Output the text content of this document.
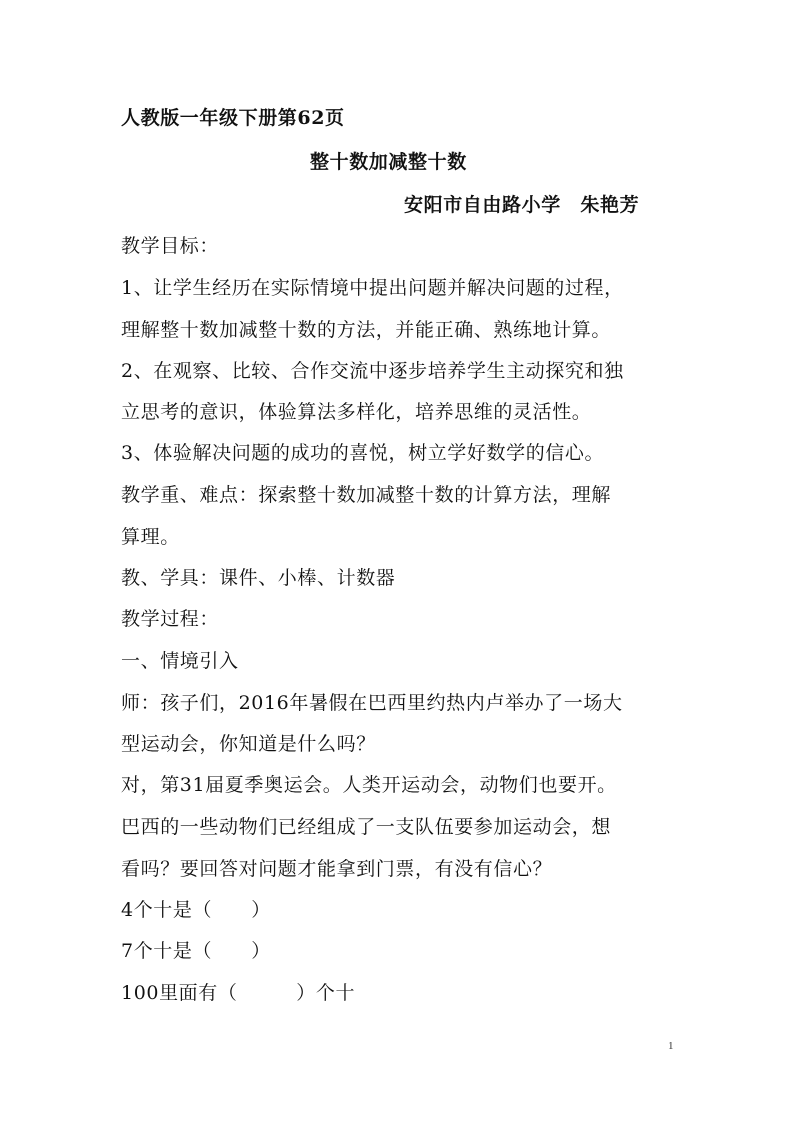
人教版一年级下册第62页
整十数加减整十数
安阳市自由路小学　朱艳芳
教学目标：
1、让学生经历在实际情境中提出问题并解决问题的过程，
理解整十数加减整十数的方法，并能正确、熟练地计算。
2、在观察、比较、合作交流中逐步培养学生主动探究和独
立思考的意识，体验算法多样化，培养思维的灵活性。
3、体验解决问题的成功的喜悦，树立学好数学的信心。
教学重、难点：探索整十数加减整十数的计算方法，理解
算理。
教、学具：课件、小棒、计数器
教学过程：
一、情境引入
师：孩子们，2016年暑假在巴西里约热内卢举办了一场大
型运动会，你知道是什么吗？
对，第31届夏季奥运会。人类开运动会，动物们也要开。
巴西的一些动物们已经组成了一支队伍要参加运动会，想
看吗？要回答对问题才能拿到门票，有没有信心？
4个十是（　　）
7个十是（　　）
100里面有（　　　）个十
1
